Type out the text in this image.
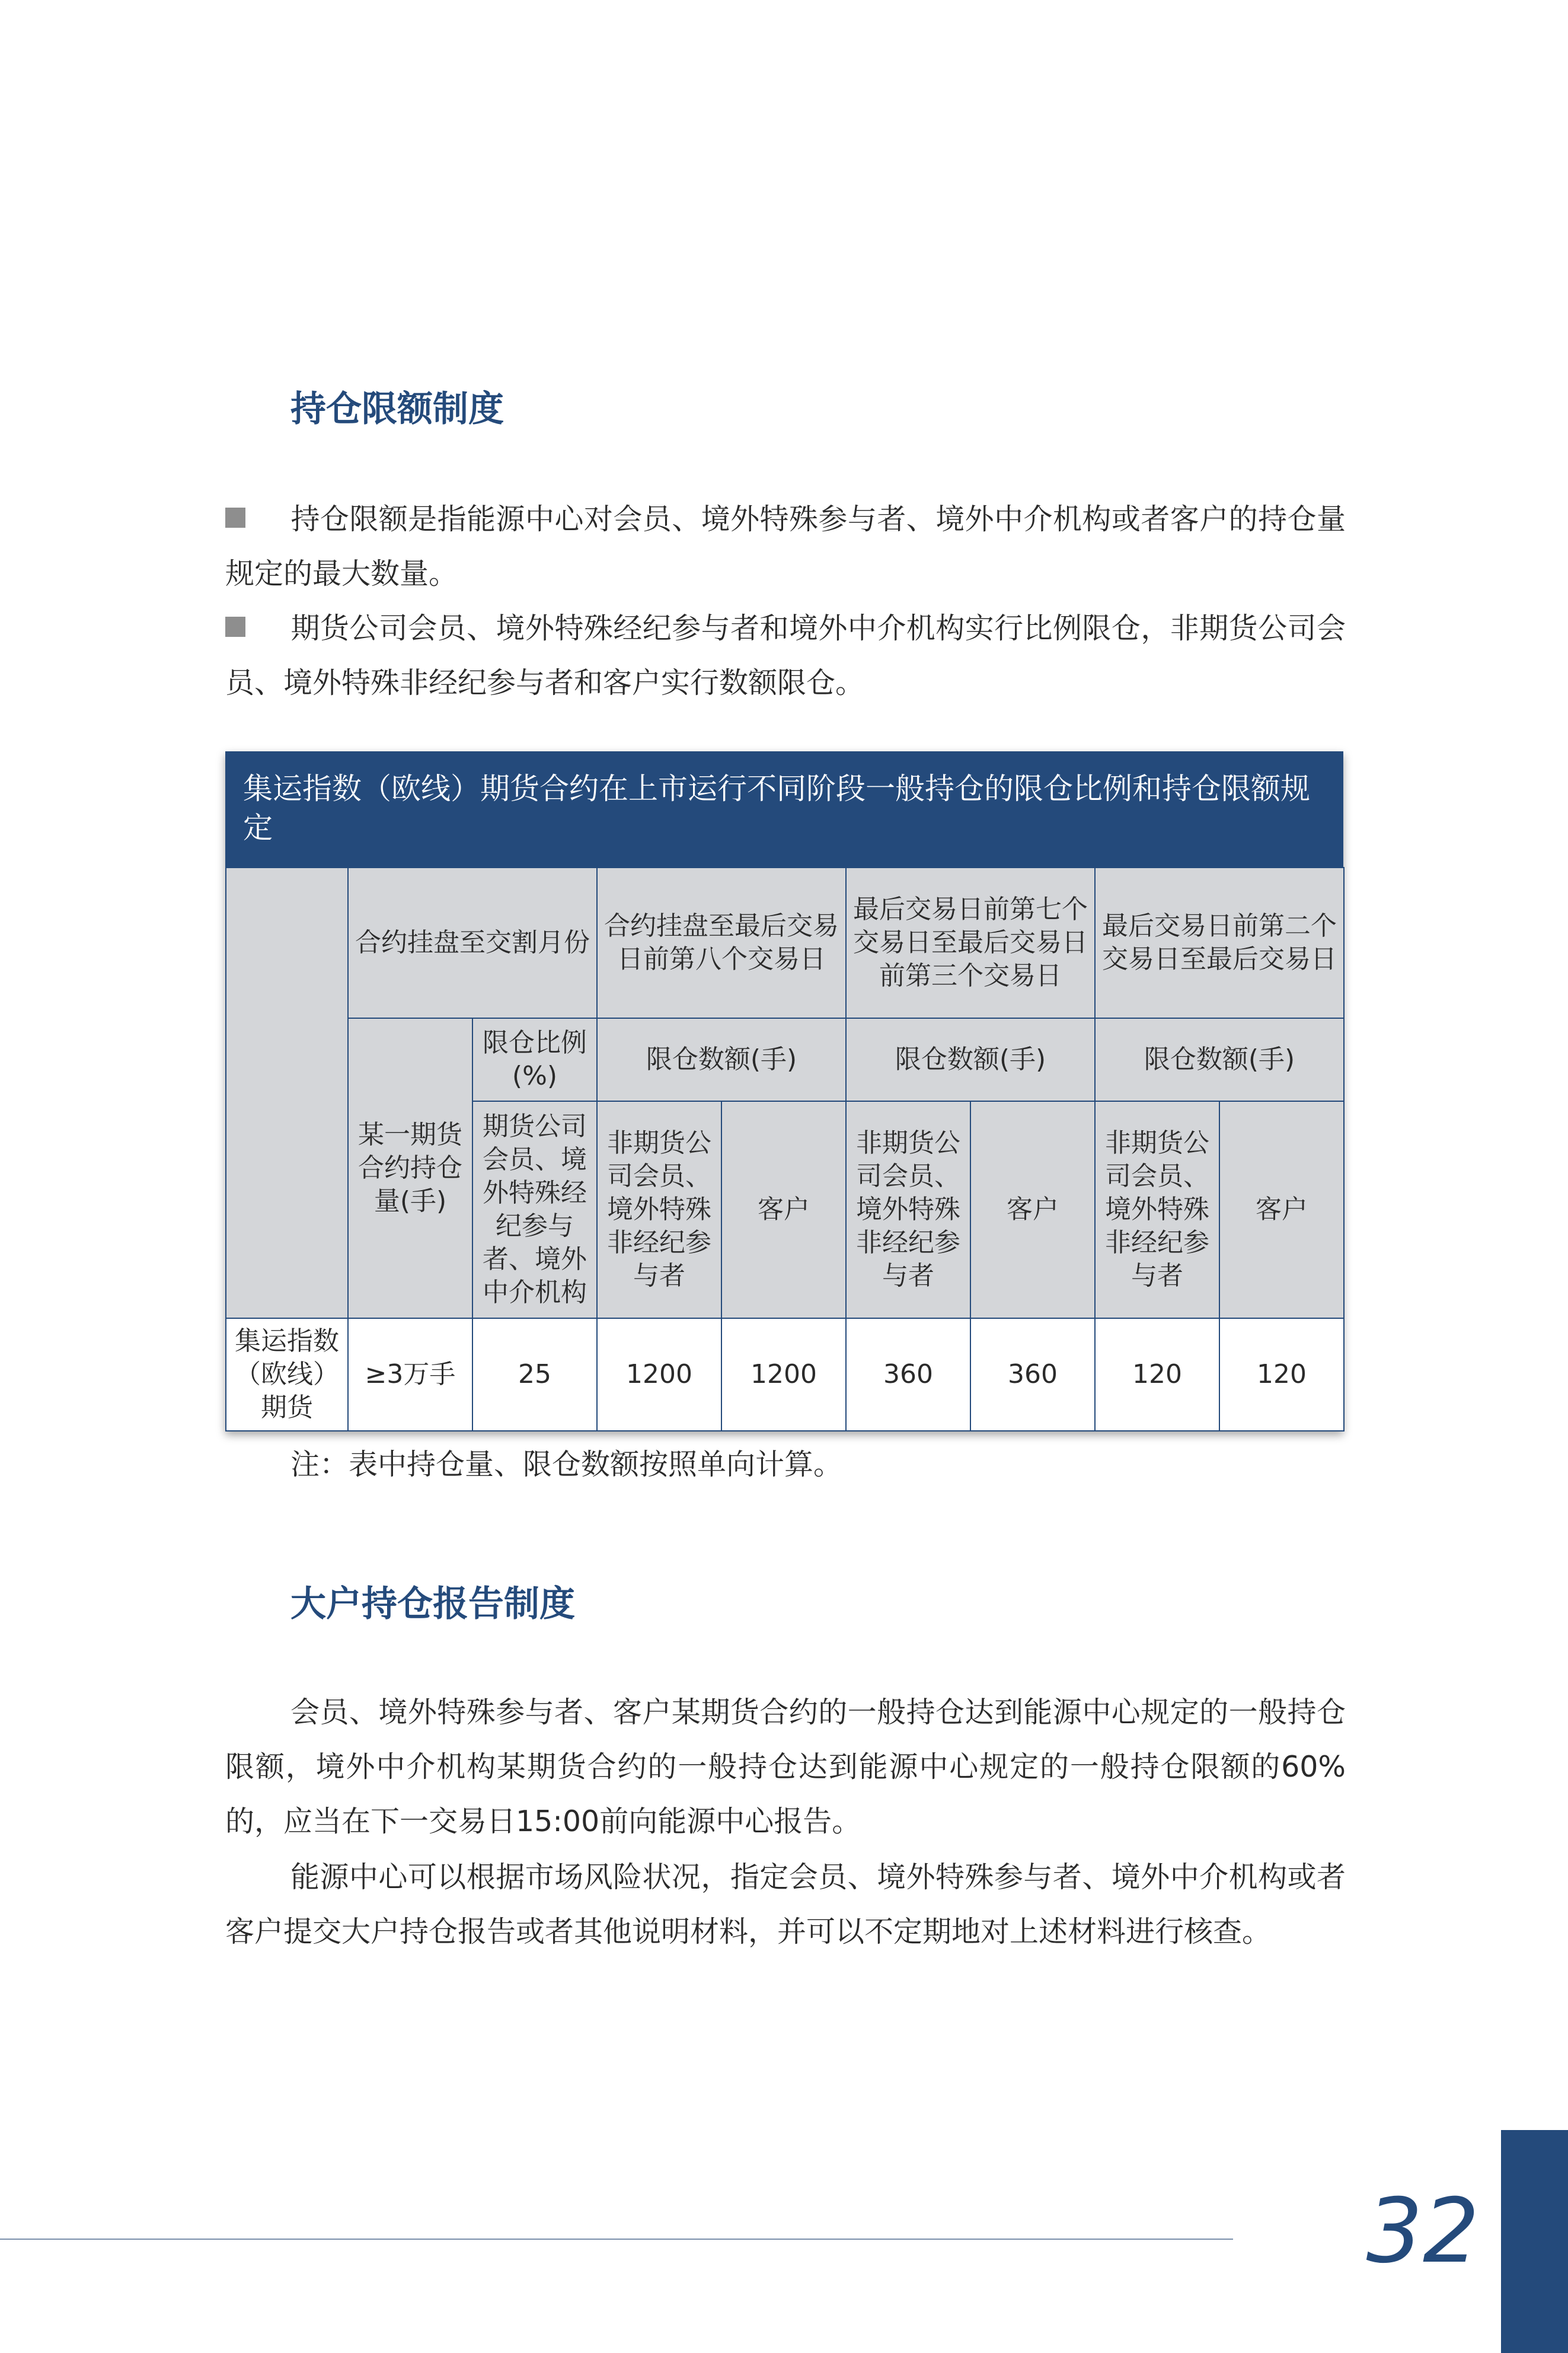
持仓限额制度

持仓限额是指能源中心对会员、境外特殊参与者、境外中介机构或者客户的持仓量规定的最大数量。

期货公司会员、境外特殊经纪参与者和境外中介机构实行比例限仓，非期货公司会员、境外特殊非经纪参与者和客户实行数额限仓。

集运指数（欧线）期货合约在上市运行不同阶段一般持仓的限仓比例和持仓限额规定
	合约挂盘至交割月份		合约挂盘至最后交易日前第八个交易日		最后交易日前第七个交易日至最后交易日前第三个交易日		最后交易日前第二个交易日至最后交易日	
	某一期货合约持仓量(手)	限仓比例(%)	限仓数额(手)		限仓数额(手)		限仓数额(手)	
		期货公司会员、境外特殊经纪参与者、境外中介机构	非期货公司会员、境外特殊非经纪参与者	客户	非期货公司会员、境外特殊非经纪参与者	客户	非期货公司会员、境外特殊非经纪参与者	客户
集运指数（欧线）期货	≥3万手	25	1200	1200	360	360	120	120

注：表中持仓量、限仓数额按照单向计算。

大户持仓报告制度

会员、境外特殊参与者、客户某期货合约的一般持仓达到能源中心规定的一般持仓限额，境外中介机构某期货合约的一般持仓达到能源中心规定的一般持仓限额的60%的，应当在下一交易日15:00前向能源中心报告。

能源中心可以根据市场风险状况，指定会员、境外特殊参与者、境外中介机构或者客户提交大户持仓报告或者其他说明材料，并可以不定期地对上述材料进行核查。

32
